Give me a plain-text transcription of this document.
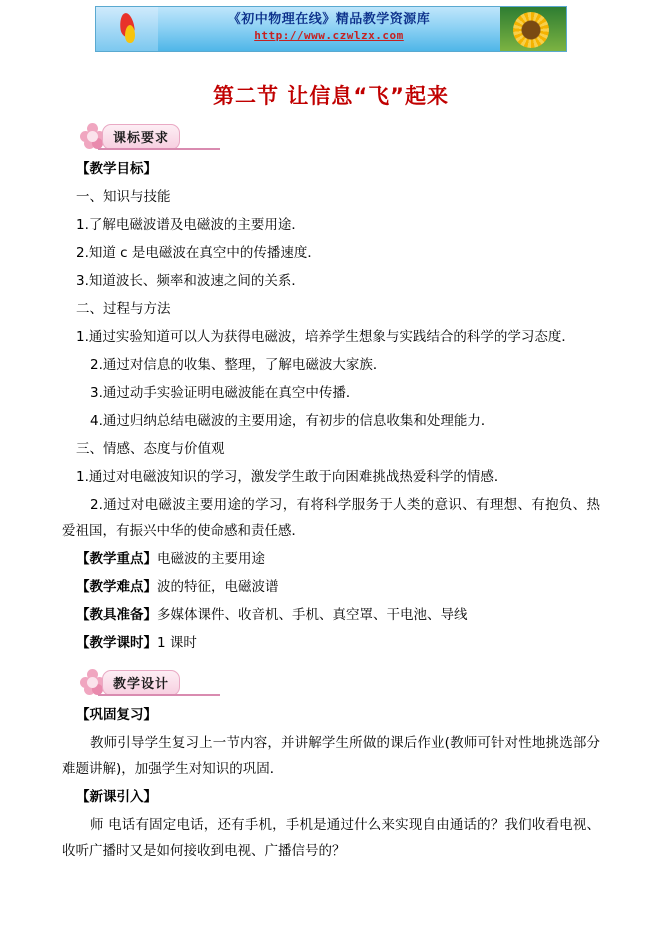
《初中物理在线》精品教学资源库
http://www.czwlzx.com
第二节 让信息“飞”起来
课标要求

【教学目标】

一、知识与技能

1.了解电磁波谱及电磁波的主要用途．

2.知道 c 是电磁波在真空中的传播速度．

3.知道波长、频率和波速之间的关系．

二、过程与方法

1.通过实验知道可以人为获得电磁波，培养学生想象与实践结合的科学的学习态度．

2.通过对信息的收集、整理，了解电磁波大家族．

3.通过动手实验证明电磁波能在真空中传播．

4.通过归纳总结电磁波的主要用途，有初步的信息收集和处理能力．

三、情感、态度与价值观

1.通过对电磁波知识的学习，激发学生敢于向困难挑战热爱科学的情感．

2.通过对电磁波主要用途的学习，有将科学服务于人类的意识、有理想、有抱负、热爱祖国，有振兴中华的使命感和责任感．

【教学重点】电磁波的主要用途

【教学难点】波的特征，电磁波谱

【教具准备】多媒体课件、收音机、手机、真空罩、干电池、导线

【教学课时】1 课时

教学设计

【巩固复习】

教师引导学生复习上一节内容，并讲解学生所做的课后作业(教师可针对性地挑选部分难题讲解)，加强学生对知识的巩固．

【新课引入】

师 电话有固定电话，还有手机，手机是通过什么来实现自由通话的？我们收看电视、收听广播时又是如何接收到电视、广播信号的？
